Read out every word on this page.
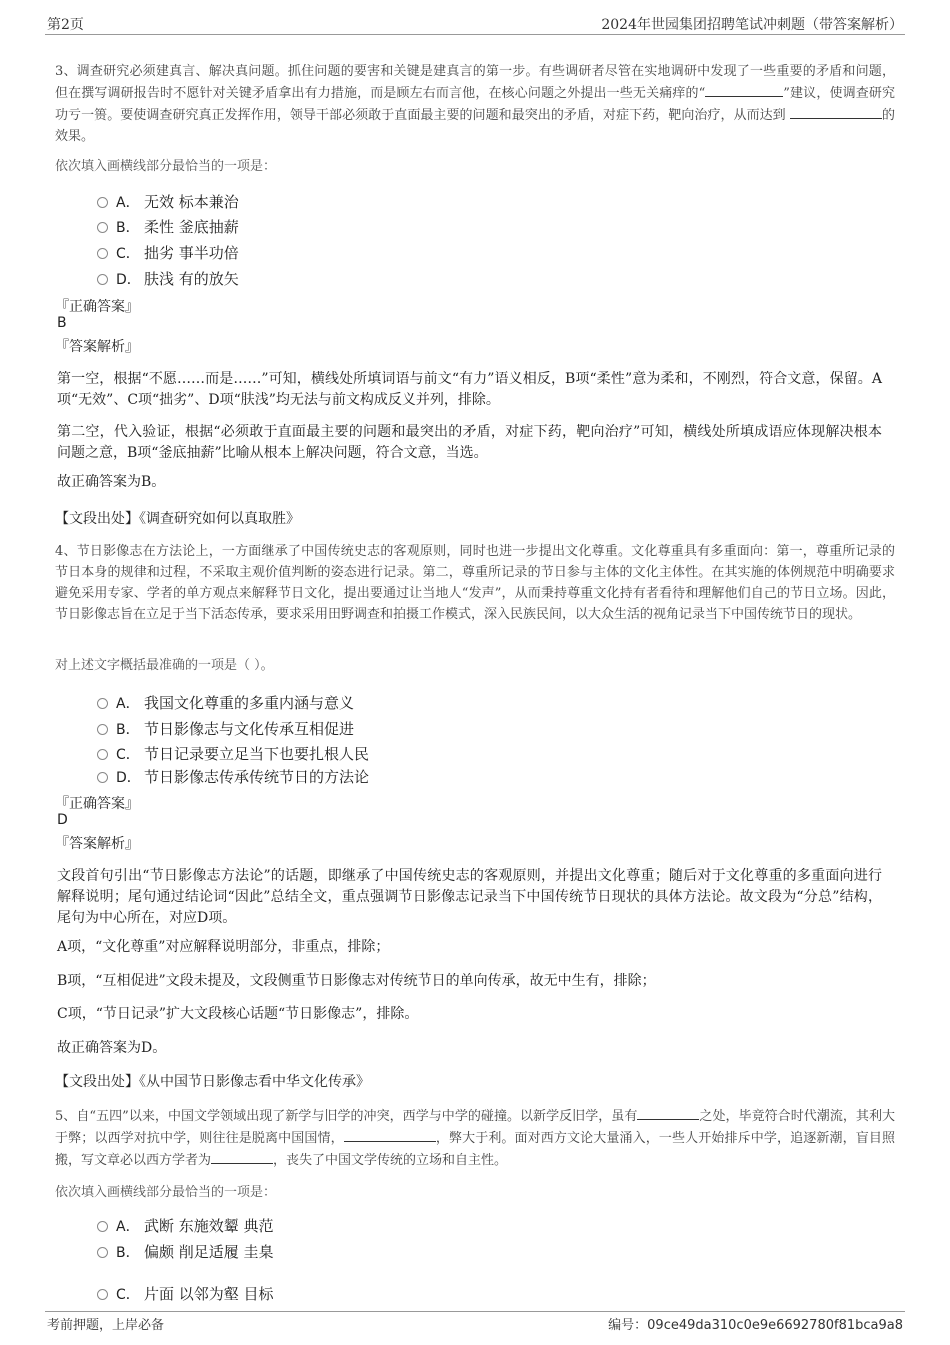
第2页	2024年世园集团招聘笔试冲刺题（带答案解析）
3、调查研究必须建真言、解决真问题。抓住问题的要害和关键是建真言的第一步。有些调研者尽管在实地调研中发现了一些重要的矛盾和问题，但在撰写调研报告时不愿针对关键矛盾拿出有力措施，而是顾左右而言他，在核心问题之外提出一些无关痛痒的“	”建议，使调查研究功亏一篑。要使调查研究真正发挥作用，领导干部必须敢于直面最主要的问题和最突出的矛盾，对症下药，靶向治疗，从而达到	的效果。
依次填入画横线部分最恰当的一项是：
A． 无效 标本兼治
B． 柔性 釜底抽薪
C． 拙劣 事半功倍
D． 肤浅 有的放矢
『正确答案』
B
『答案解析』
第一空，根据“不愿……而是……”可知，横线处所填词语与前文“有力”语义相反，B项“柔性”意为柔和，不刚烈，符合文意，保留。A项“无效”、C项“拙劣”、D项“肤浅”均无法与前文构成反义并列，排除。
第二空，代入验证，根据“必须敢于直面最主要的问题和最突出的矛盾，对症下药，靶向治疗”可知，横线处所填成语应体现解决根本问题之意，B项“釜底抽薪”比喻从根本上解决问题，符合文意，当选。
故正确答案为B。
【文段出处】《调查研究如何以真取胜》
4、节日影像志在方法论上，一方面继承了中国传统史志的客观原则，同时也进一步提出文化尊重。文化尊重具有多重面向：第一，尊重所记录的节日本身的规律和过程，不采取主观价值判断的姿态进行记录。第二，尊重所记录的节日参与主体的文化主体性。在其实施的体例规范中明确要求避免采用专家、学者的单方观点来解释节日文化，提出要通过让当地人“发声”，从而秉持尊重文化持有者看待和理解他们自己的节日立场。因此，节日影像志旨在立足于当下活态传承，要求采用田野调查和拍摄工作模式，深入民族民间，以大众生活的视角记录当下中国传统节日的现状。
对上述文字概括最准确的一项是（ ）。
A． 我国文化尊重的多重内涵与意义
B． 节日影像志与文化传承互相促进
C． 节日记录要立足当下也要扎根人民
D． 节日影像志传承传统节日的方法论
『正确答案』
D
『答案解析』
文段首句引出“节日影像志方法论”的话题，即继承了中国传统史志的客观原则，并提出文化尊重；随后对于文化尊重的多重面向进行解释说明；尾句通过结论词“因此”总结全文，重点强调节日影像志记录当下中国传统节日现状的具体方法论。故文段为“分总”结构，尾句为中心所在，对应D项。
A项，“文化尊重”对应解释说明部分，非重点，排除；
B项，“互相促进”文段未提及，文段侧重节日影像志对传统节日的单向传承，故无中生有，排除；
C项，“节日记录”扩大文段核心话题“节日影像志”，排除。
故正确答案为D。
【文段出处】《从中国节日影像志看中华文化传承》
5、自“五四”以来，中国文学领域出现了新学与旧学的冲突，西学与中学的碰撞。以新学反旧学，虽有	之处，毕竟符合时代潮流，其利大于弊；以西学对抗中学，则往往是脱离中国国情，	，弊大于利。面对西方文论大量涌入，一些人开始排斥中学，追逐新潮，盲目照搬，写文章必以西方学者为	，丧失了中国文学传统的立场和自主性。
依次填入画横线部分最恰当的一项是：
A． 武断 东施效颦 典范
B． 偏颇 削足适履 圭臬
C． 片面 以邻为壑 目标
考前押题，上岸必备	编号：09ce49da310c0e9e6692780f81bca9a8
